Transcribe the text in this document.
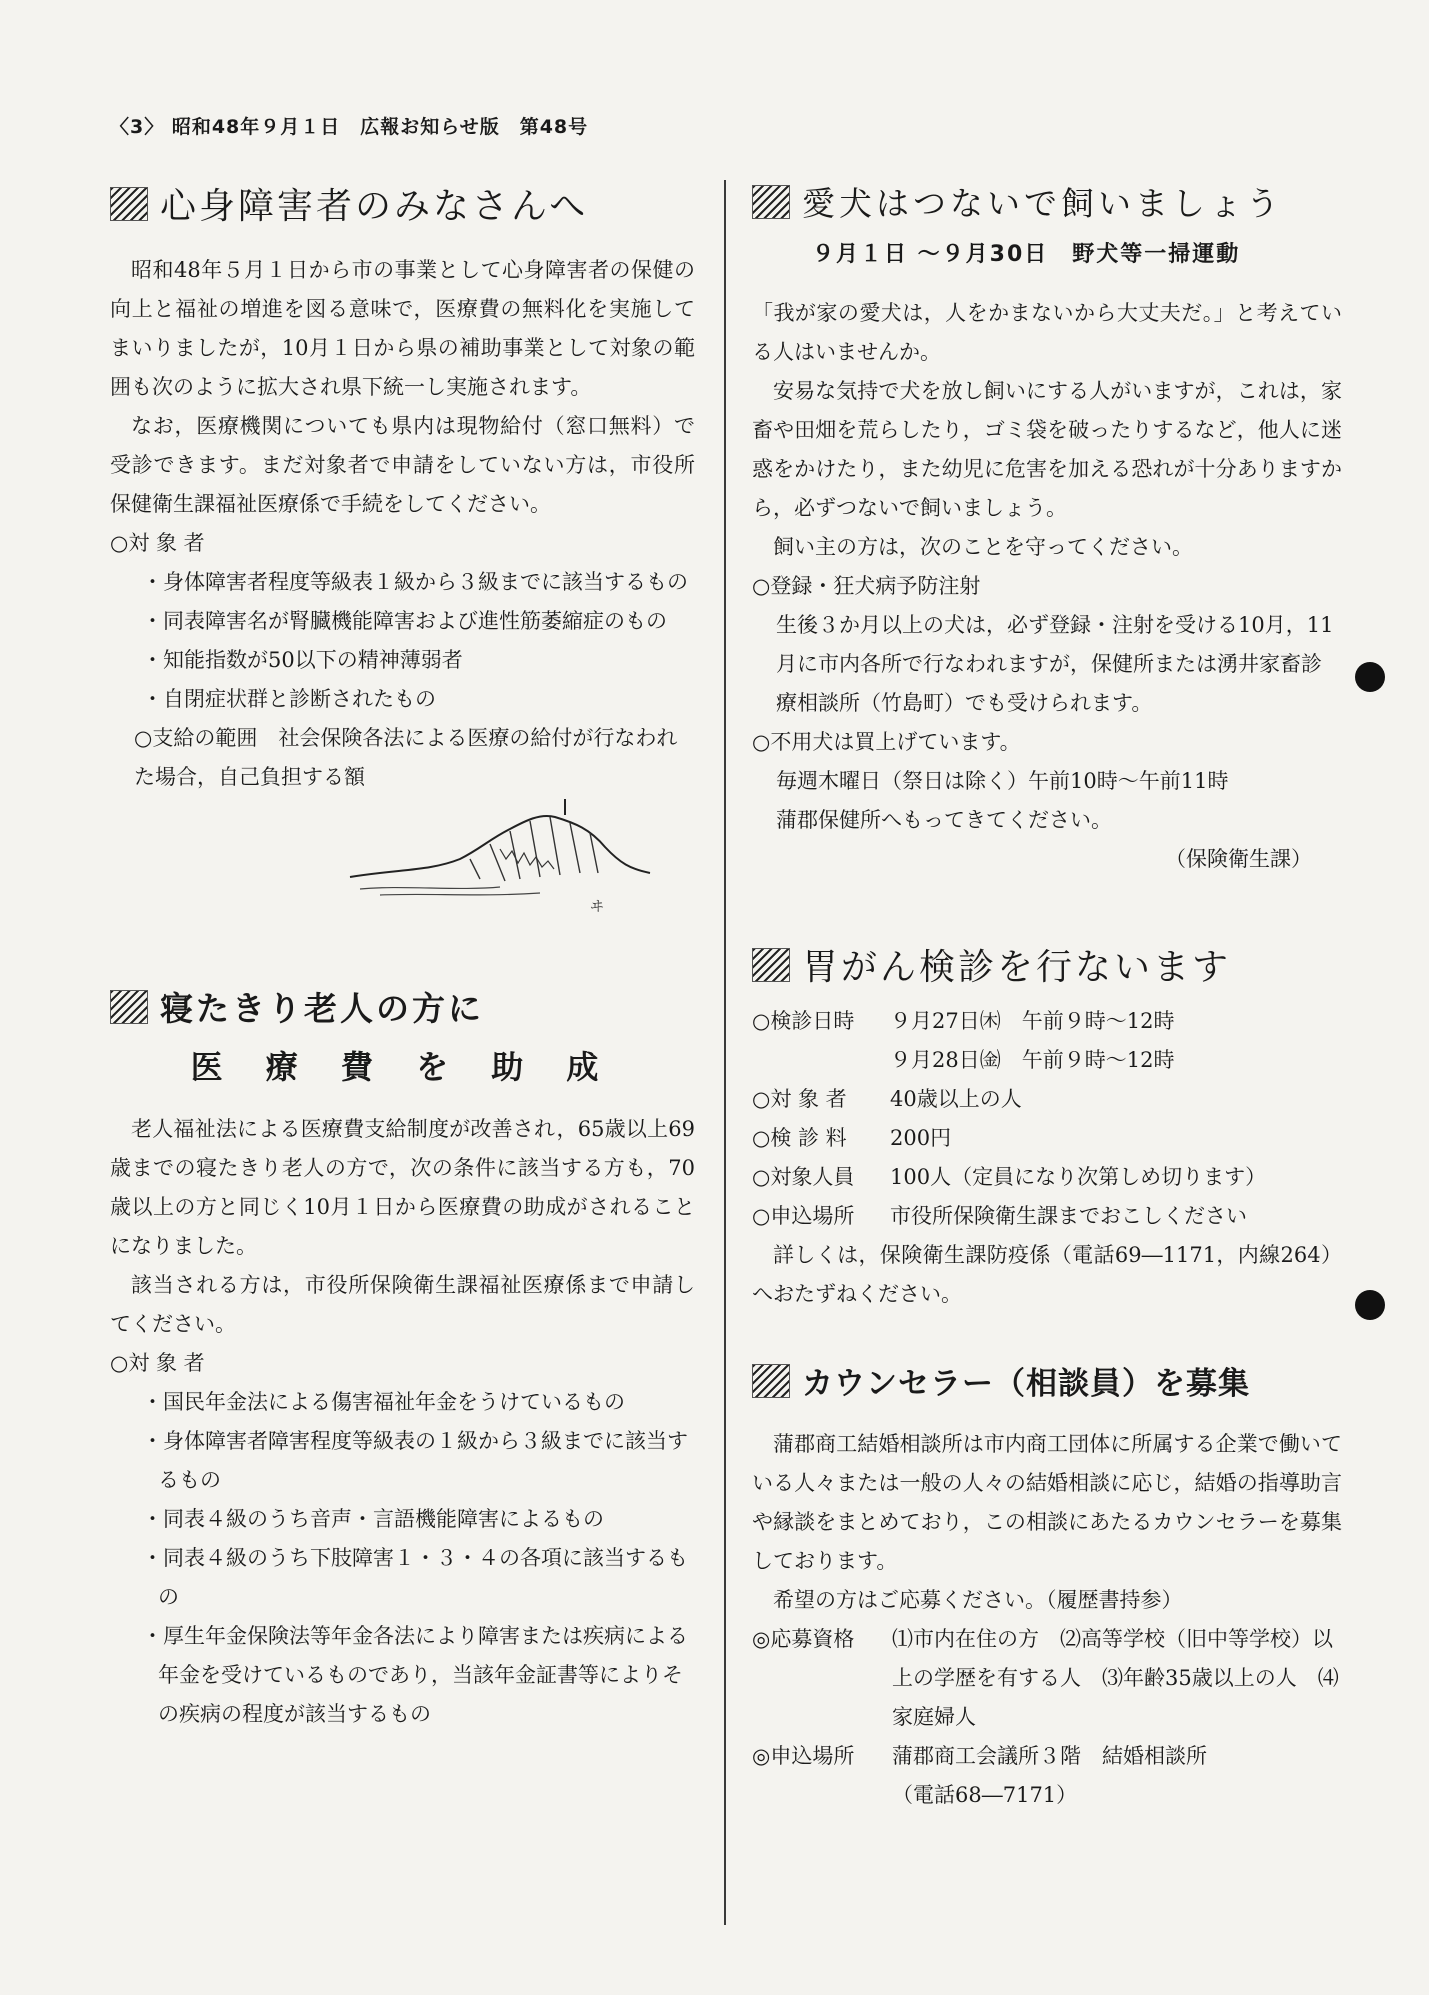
〈3〉 昭和48年９月１日　広報お知らせ版　第48号
心身障害者のみなさんへ

昭和48年５月１日から市の事業として心身障害者の保健の向上と福祉の増進を図る意味で，医療費の無料化を実施してまいりましたが，10月１日から県の補助事業として対象の範囲も次のように拡大され県下統一し実施されます。

なお，医療機関についても県内は現物給付（窓口無料）で受診できます。まだ対象者で申請をしていない方は，市役所保健衛生課福祉医療係で手続をしてください。

○対 象 者
・身体障害者程度等級表１級から３級までに該当するもの
・同表障害名が腎臓機能障害および進性筋萎縮症のもの
・知能指数が50以下の精神薄弱者
・自閉症状群と診断されたもの
○支給の範囲　社会保険各法による医療の給付が行なわれた場合，自己負担する額
ヰ
寝たきり老人の方に
医 療 費 を 助 成

老人福祉法による医療費支給制度が改善され，65歳以上69歳までの寝たきり老人の方で，次の条件に該当する方も，70歳以上の方と同じく10月１日から医療費の助成がされることになりました。

該当される方は，市役所保険衛生課福祉医療係まで申請してください。

○対 象 者
・国民年金法による傷害福祉年金をうけているもの
・身体障害者障害程度等級表の１級から３級までに該当するもの
・同表４級のうち音声・言語機能障害によるもの
・同表４級のうち下肢障害１・３・４の各項に該当するもの
・厚生年金保険法等年金各法により障害または疾病による年金を受けているものであり，当該年金証書等によりその疾病の程度が該当するもの
愛犬はつないで飼いましょう
９月１日 ～９月30日　野犬等一掃運動

「我が家の愛犬は，人をかまないから大丈夫だ。」と考えている人はいませんか。

安易な気持で犬を放し飼いにする人がいますが，これは，家畜や田畑を荒らしたり，ゴミ袋を破ったりするなど，他人に迷惑をかけたり，また幼児に危害を加える恐れが十分ありますから，必ずつないで飼いましょう。

飼い主の方は，次のことを守ってください。

○登録・狂犬病予防注射
生後３か月以上の犬は，必ず登録・注射を受ける10月，11月に市内各所で行なわれますが，保健所または湧井家畜診療相談所（竹島町）でも受けられます。
○不用犬は買上げています。
毎週木曜日（祭日は除く）午前10時～午前11時
蒲郡保健所へもってきてください。
（保険衛生課）
胃がん検診を行ないます
○検診日時	９月27日㈭　午前９時～12時
９月28日㈮　午前９時～12時
○対 象 者	40歳以上の人
○検 診 料	200円
○対象人員	100人（定員になり次第しめ切ります）
○申込場所	市役所保険衛生課までおこしください

詳しくは，保険衛生課防疫係（電話69―1171，内線264）へおたずねください。

カウンセラー（相談員）を募集

蒲郡商工結婚相談所は市内商工団体に所属する企業で働いている人々または一般の人々の結婚相談に応じ，結婚の指導助言や縁談をまとめており，この相談にあたるカウンセラーを募集しております。

希望の方はご応募ください。（履歴書持参）

◎応募資格	⑴市内在住の方　⑵高等学校（旧中等学校）以上の学歴を有する人　⑶年齢35歳以上の人　⑷家庭婦人
◎申込場所	蒲郡商工会議所３階　結婚相談所
（電話68―7171）
